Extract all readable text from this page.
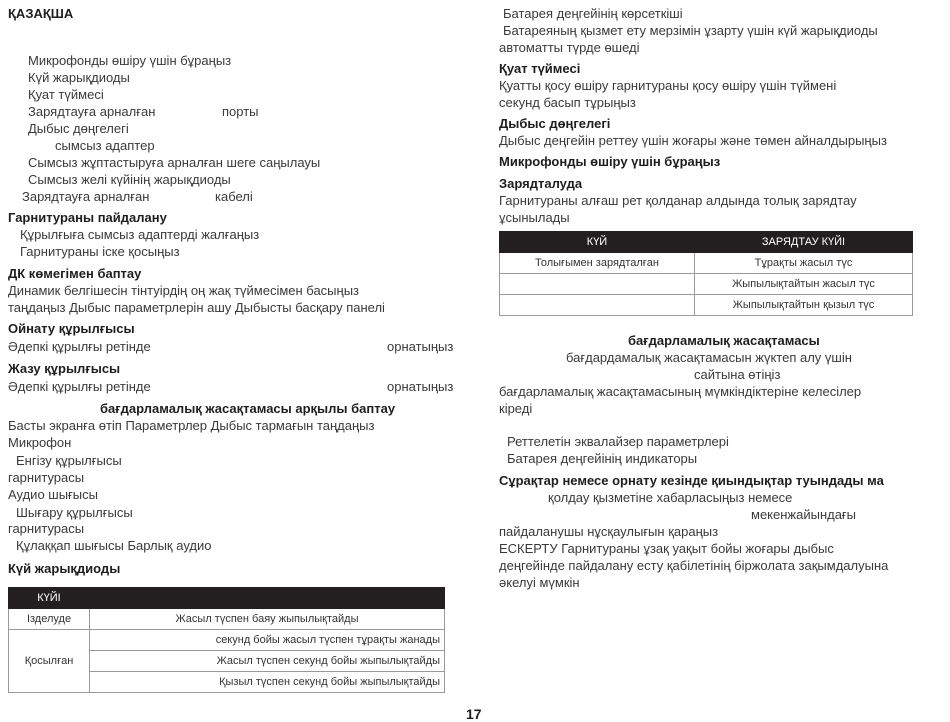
ҚАЗАҚША
Микрофонды өшіру үшін бұраңыз
Күй жарықдиоды
Қуат түймесі
Зарядтауға арналған	порты
Дыбыс дөңгелегі
сымсыз адаптер
Сымсыз жұптастыруға арналған шеге саңылауы
Сымсыз желі күйінің жарықдиоды
Зарядтауға арналған	кабелі
Гарнитураны пайдалану
Құрылғыға сымсыз адаптерді жалғаңыз
Гарнитураны іске қосыңыз
ДК көмегімен баптау
Динамик белгішесін тінтуірдің оң жақ түймесімен басыңыз
таңдаңыз Дыбыс параметрлерін ашу Дыбысты басқару панелі
Ойнату құрылғысы
Әдепкі құрылғы ретінде	орнатыңыз
Жазу құрылғысы
Әдепкі құрылғы ретінде	орнатыңыз
бағдарламалық жасақтамасы арқылы баптау
Басты экранға өтіп Параметрлер Дыбыс тармағын таңдаңыз
Микрофон
Енгізу құрылғысы
гарнитурасы
Аудио шығысы
Шығару құрылғысы
гарнитурасы
Құлаққап шығысы Барлық аудио
Күй жарықдиоды
КҮЙІ	
Ізделуде	Жасыл түспен баяу жыпылықтайды
Қосылған	секунд бойы жасыл түспен тұрақты жанады
	Жасыл түспен секунд бойы жыпылықтайды
	Қызыл түспен секунд бойы жыпылықтайды
Батарея деңгейінің көрсеткіші
Батареяның қызмет ету мерзімін ұзарту үшін күй жарықдиоды
автоматты түрде өшеді
Қуат түймесі
Қуатты қосу өшіру гарнитураны қосу өшіру үшін түймені
секунд басып тұрыңыз
Дыбыс дөңгелегі
Дыбыс деңгейін реттеу үшін жоғары және төмен айналдырыңыз
Микрофонды өшіру үшін бұраңыз
Зарядталуда
Гарнитураны алғаш рет қолданар алдында толық зарядтау
ұсынылады
КҮЙ	ЗАРЯДТАУ КҮЙІ
Толығымен зарядталған	Тұрақты жасыл түс
	Жыпылықтайтын жасыл түс
	Жыпылықтайтын қызыл түс
бағдарламалық жасақтамасы
бағдардамалық жасақтамасын жүктеп алу үшін
сайтына өтіңіз
бағдарламалық жасақтамасының мүмкіндіктеріне келесілер
кіреді
Реттелетін эквалайзер параметрлері
Батарея деңгейінің индикаторы
Сұрақтар немесе орнату кезінде қиындықтар туындады ма
қолдау қызметіне хабарласыңыз немесе
мекенжайындағы
пайдаланушы нұсқаулығын қараңыз
ЕСКЕРТУ Гарнитураны ұзақ уақыт бойы жоғары дыбыс
деңгейінде пайдалану есту қабілетінің біржолата зақымдалуына
әкелуі мүмкін
17
